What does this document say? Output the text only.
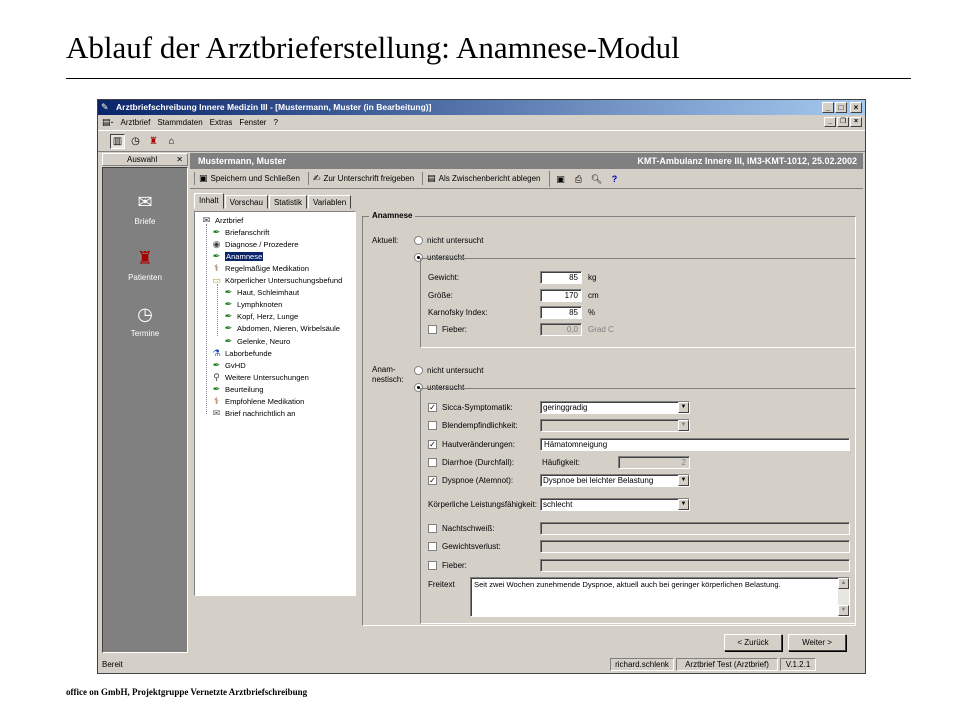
Ablauf der Arztbrieferstellung: Anamnese-Modul
✎ Arztbriefschreibung Innere Medizin III - [Mustermann, Muster (in Bearbeitung)]	_	□	×
▤- Arztbrief Stammdaten Extras Fenster ?	_	❐	×
▥ ◷ ♜	⌂
Auswahl ✕
✉
Briefe
♜
Patienten
◷
Termine
Mustermann, Muster	KMT-Ambulanz Innere III, IM3-KMT-1012, 25.02.2002
▣ Speichern und Schließen ✍ Zur Unterschrift freigeben ▤ Als Zwischenbericht ablegen	▣	⎙ 🔍︎	?
Inhalt	Vorschau	Statistik	Variablen
✉ Arztbrief
✒ Briefanschrift
◉ Diagnose / Prozedere
✒ Anamnese
⚕ Regelmäßige Medikation
▭ Körperlicher Untersuchungsbefund
✒ Haut, Schleimhaut
✒ Lymphknoten
✒ Kopf, Herz, Lunge
✒ Abdomen, Nieren, Wirbelsäule
✒ Gelenke, Neuro
⚗ Laborbefunde
✒ GvHD
⚲ Weitere Untersuchungen
✒ Beurteilung
⚕ Empfohlene Medikation
✉ Brief nachrichtlich an
Anamnese
Aktuell:	nicht untersucht
untersucht
Gewicht:	85	kg
Größe:	170	cm
Karnofsky Index:	85	%
Fieber:	0,0	Grad C
Anam-
nestisch:
nicht untersucht
untersucht
✓ Sicca-Symptomatik:	geringgradig	▼
Blendempfindlichkeit:	▼
✓ Hautveränderungen:	Hämatomneigung
Diarrhoe (Durchfall):	Häufigkeit:	2
✓ Dyspnoe (Atemnot):	Dyspnoe bei leichter Belastung	▼
Körperliche Leistungsfähigkeit: schlecht	▼
Nachtschweiß:
Gewichtsverlust:
Fieber:
Freitext	Seit zwei Wochen zunehmende Dyspnoe, aktuell auch bei geringer körperlichen Belastung.	▲
▼
< Zurück	Weiter >
Bereit	richard.schlenk	Arztbrief Test (Arztbrief)	V.1.2.1
office on GmbH, Projektgruppe Vernetzte Arztbriefschreibung
